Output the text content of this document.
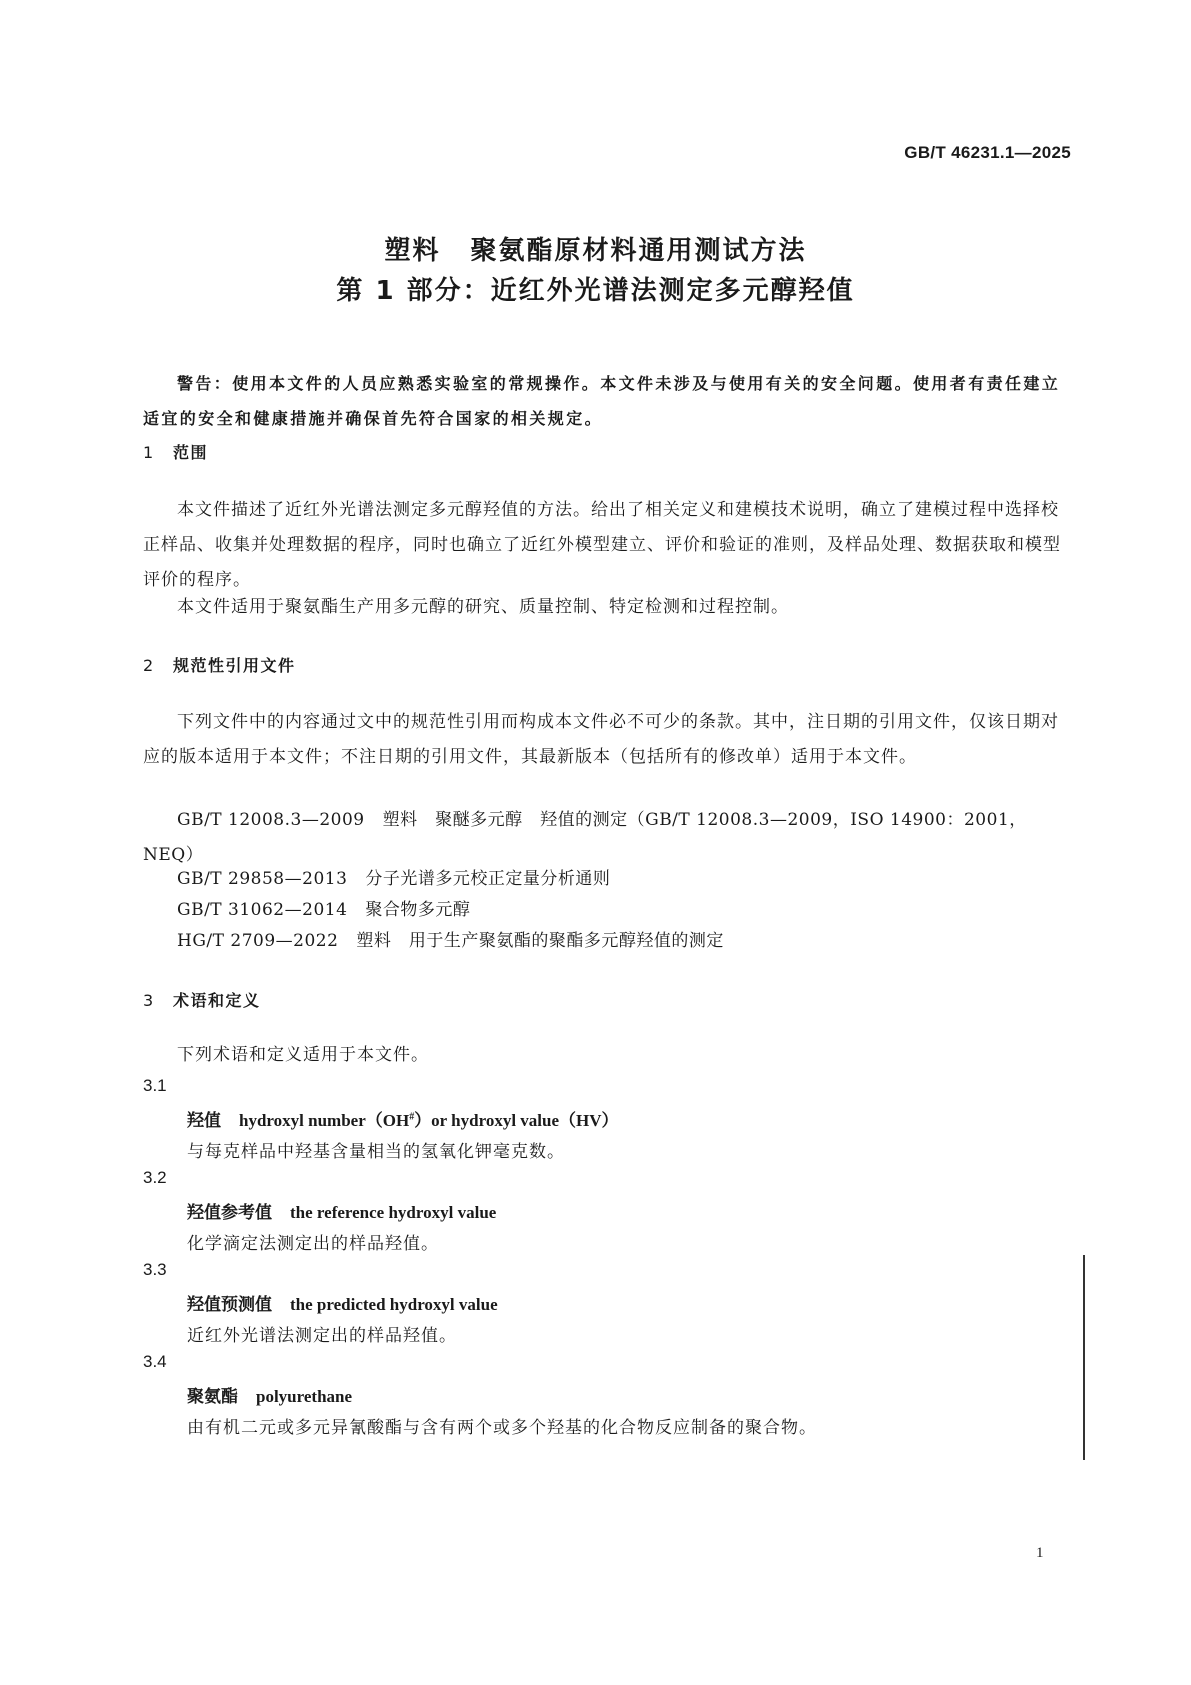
GB/T 46231.1—2025
塑料 聚氨酯原材料通用测试方法
第 1 部分：近红外光谱法测定多元醇羟值
警告：使用本文件的人员应熟悉实验室的常规操作。本文件未涉及与使用有关的安全问题。使用者有责任建立适宜的安全和健康措施并确保首先符合国家的相关规定。
1 范围
本文件描述了近红外光谱法测定多元醇羟值的方法。给出了相关定义和建模技术说明，确立了建模过程中选择校正样品、收集并处理数据的程序，同时也确立了近红外模型建立、评价和验证的准则，及样品处理、数据获取和模型评价的程序。
本文件适用于聚氨酯生产用多元醇的研究、质量控制、特定检测和过程控制。
2 规范性引用文件
下列文件中的内容通过文中的规范性引用而构成本文件必不可少的条款。其中，注日期的引用文件，仅该日期对应的版本适用于本文件；不注日期的引用文件，其最新版本（包括所有的修改单）适用于本文件。
GB/T 12008.3—2009 塑料　聚醚多元醇　羟值的测定（GB/T 12008.3—2009，ISO 14900：2001，NEQ）
GB/T 29858—2013 分子光谱多元校正定量分析通则
GB/T 31062—2014 聚合物多元醇
HG/T 2709—2022 塑料　用于生产聚氨酯的聚酯多元醇羟值的测定
3 术语和定义
下列术语和定义适用于本文件。
3.1
羟值 hydroxyl number（OH#）or hydroxyl value（HV）
与每克样品中羟基含量相当的氢氧化钾毫克数。
3.2
羟值参考值 the reference hydroxyl value
化学滴定法测定出的样品羟值。
3.3
羟值预测值 the predicted hydroxyl value
近红外光谱法测定出的样品羟值。
3.4
聚氨酯 polyurethane
由有机二元或多元异氰酸酯与含有两个或多个羟基的化合物反应制备的聚合物。
1
